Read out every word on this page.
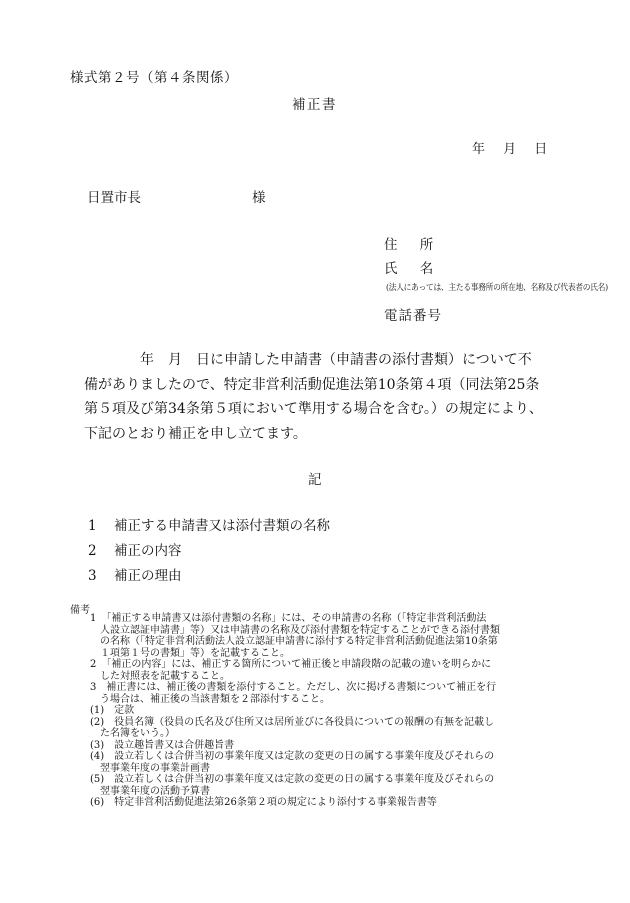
様式第２号（第４条関係）
補正書
年 月 日
日置市長	様
住 所
氏 名
(法人にあっては、主たる事務所の所在地、名称及び代表者の氏名)
電話番号
　　　　年　月　日に申請した申請書（申請書の添付書類）について不
備がありましたので、特定非営利活動促進法第10条第４項（同法第25条
第５項及び第34条第５項において準用する場合を含む。）の規定により、
下記のとおり補正を申し立てます。
記
1 補正する申請書又は添付書類の名称
2 補正の内容
3 補正の理由
備考
　1　「補正する申請書又は添付書類の名称」には、その申請書の名称（「特定非営利活動法
　　人設立認証申請書」等）又は申請書の名称及び添付書類を特定することができる添付書類
　　の名称（「特定非営利活動法人設立認証申請書に添付する特定非営利活動促進法第10条第
　　１項第１号の書類」等）を記載すること。
　2　「補正の内容」には、補正する箇所について補正後と申請段階の記載の違いを明らかに
　　した対照表を記載すること。
　3　補正書には、補正後の書類を添付すること。ただし、次に掲げる書類について補正を行
　　う場合は、補正後の当該書類を２部添付すること。
　(1)　定款
　(2)　役員名簿（役員の氏名及び住所又は居所並びに各役員についての報酬の有無を記載し
　　た名簿をいう。）
　(3)　設立趣旨書又は合併趣旨書
　(4)　設立若しくは合併当初の事業年度又は定款の変更の日の属する事業年度及びそれらの
　　翌事業年度の事業計画書
　(5)　設立若しくは合併当初の事業年度又は定款の変更の日の属する事業年度及びそれらの
　　翌事業年度の活動予算書
　(6)　特定非営利活動促進法第26条第２項の規定により添付する事業報告書等
